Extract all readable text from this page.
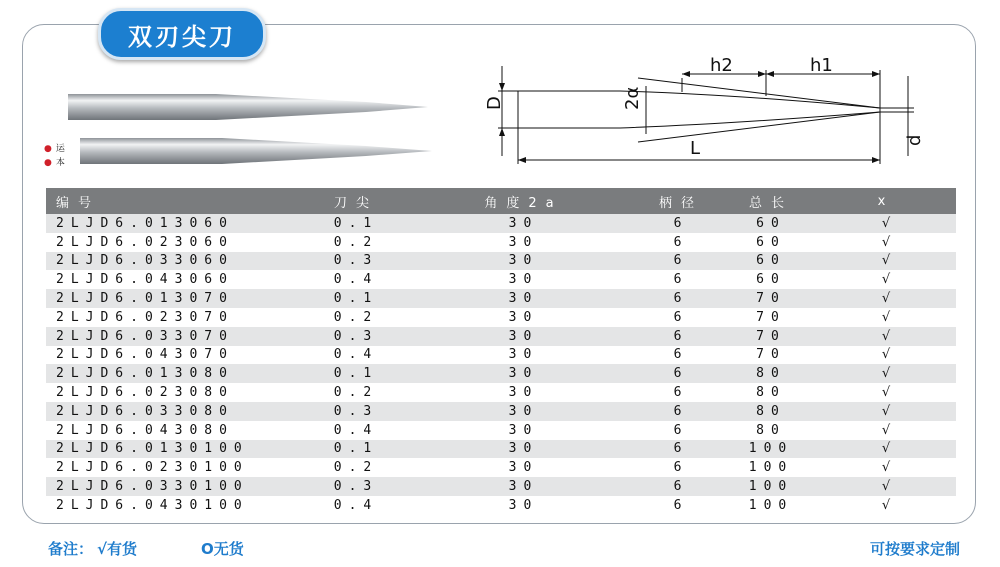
双刃尖刀
● 运
● 本
h2	h1
D	2α
L	d
编号	刀尖	角度2a	柄径	总长	x
2LJD6.013060	0.1	30	6	60	√
2LJD6.023060	0.2	30	6	60	√
2LJD6.033060	0.3	30	6	60	√
2LJD6.043060	0.4	30	6	60	√
2LJD6.013070	0.1	30	6	70	√
2LJD6.023070	0.2	30	6	70	√
2LJD6.033070	0.3	30	6	70	√
2LJD6.043070	0.4	30	6	70	√
2LJD6.013080	0.1	30	6	80	√
2LJD6.023080	0.2	30	6	80	√
2LJD6.033080	0.3	30	6	80	√
2LJD6.043080	0.4	30	6	80	√
2LJD6.0130100	0.1	30	6	100	√
2LJD6.0230100	0.2	30	6	100	√
2LJD6.0330100	0.3	30	6	100	√
2LJD6.0430100	0.4	30	6	100	√
备注： √有货	O无货	可按要求定制
